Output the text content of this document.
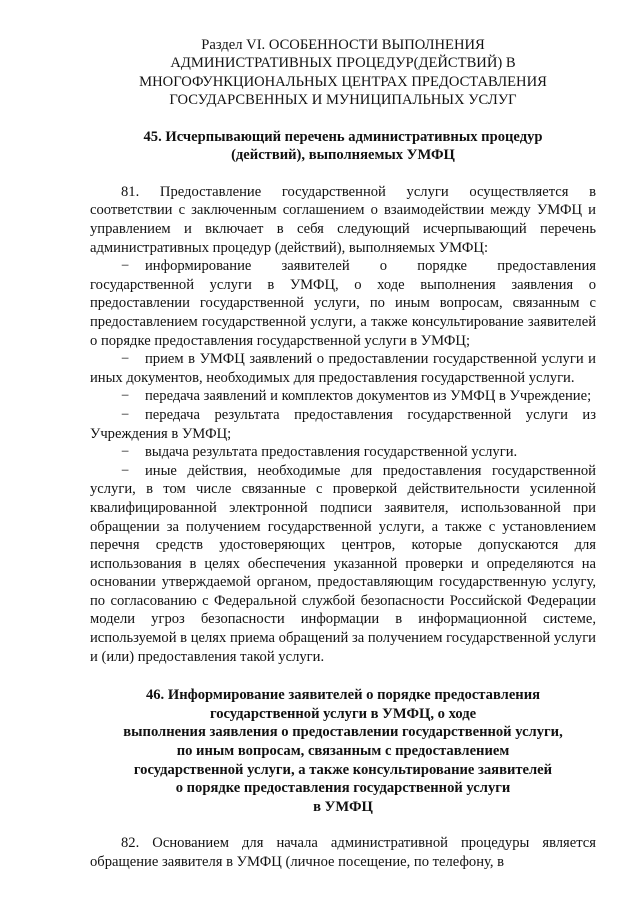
Раздел VI. ОСОБЕННОСТИ ВЫПОЛНЕНИЯ
АДМИНИСТРАТИВНЫХ ПРОЦЕДУР(ДЕЙСТВИЙ) В
МНОГОФУНКЦИОНАЛЬНЫХ ЦЕНТРАХ ПРЕДОСТАВЛЕНИЯ
ГОСУДАРСВЕННЫХ И МУНИЦИПАЛЬНЫХ УСЛУГ
45. Исчерпывающий перечень административных процедур
(действий), выполняемых УМФЦ

81. Предоставление государственной услуги осуществляется в соответствии с заключенным соглашением о взаимодействии между УМФЦ и управлением и включает в себя следующий исчерпывающий перечень административных процедур (действий), выполняемых УМФЦ:

− информирование заявителей о порядке предоставления государственной услуги в УМФЦ, о ходе выполнения заявления о предоставлении государственной услуги, по иным вопросам, связанным с предоставлением государственной услуги, а также консультирование заявителей о порядке предоставления государственной услуги в УМФЦ;

− прием в УМФЦ заявлений о предоставлении государственной услуги и иных документов, необходимых для предоставления государственной услуги.

− передача заявлений и комплектов документов из УМФЦ в Учреждение;

− передача результата предоставления государственной услуги из Учреждения в УМФЦ;

− выдача результата предоставления государственной услуги.

− иные действия, необходимые для предоставления государственной услуги, в том числе связанные с проверкой действительности усиленной квалифицированной электронной подписи заявителя, использованной при обращении за получением государственной услуги, а также с установлением перечня средств удостоверяющих центров, которые допускаются для использования в целях обеспечения указанной проверки и определяются на основании утверждаемой органом, предоставляющим государственную услугу, по согласованию с Федеральной службой безопасности Российской Федерации модели угроз безопасности информации в информационной системе, используемой в целях приема обращений за получением государственной услуги и (или) предоставления такой услуги.

46. Информирование заявителей о порядке предоставления
государственной услуги в УМФЦ, о ходе
выполнения заявления о предоставлении государственной услуги,
по иным вопросам, связанным с предоставлением
государственной услуги, а также консультирование заявителей
о порядке предоставления государственной услуги
в УМФЦ

82. Основанием для начала административной процедуры является обращение заявителя в УМФЦ (личное посещение, по телефону, в
